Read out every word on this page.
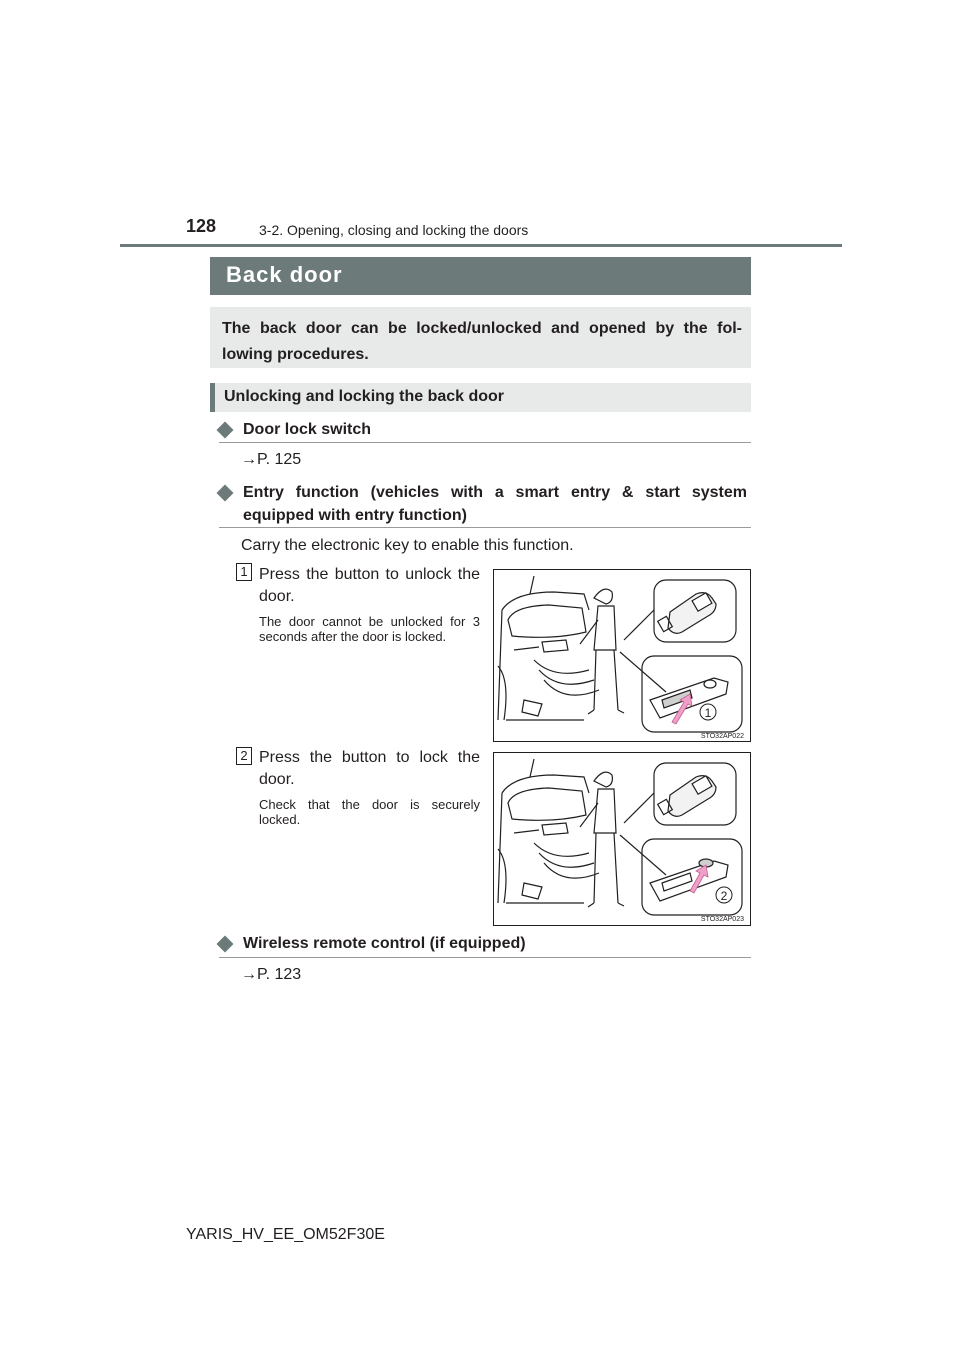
128	3-2. Opening, closing and locking the doors
Back door
The back door can be locked/unlocked and opened by the fol-lowing procedures.
Unlocking and locking the back door
Door lock switch
→P. 125
Entry function (vehicles with a smart entry & start system equipped with entry function)
Carry the electronic key to enable this function.
1 Press the button to unlock the door.
The door cannot be unlocked for 3 seconds after the door is locked.
1
STO32AP022
2 Press the button to lock the door.
Check that the door is securely locked.
2
STO32AP023
Wireless remote control (if equipped)
→P. 123
YARIS_HV_EE_OM52F30E
